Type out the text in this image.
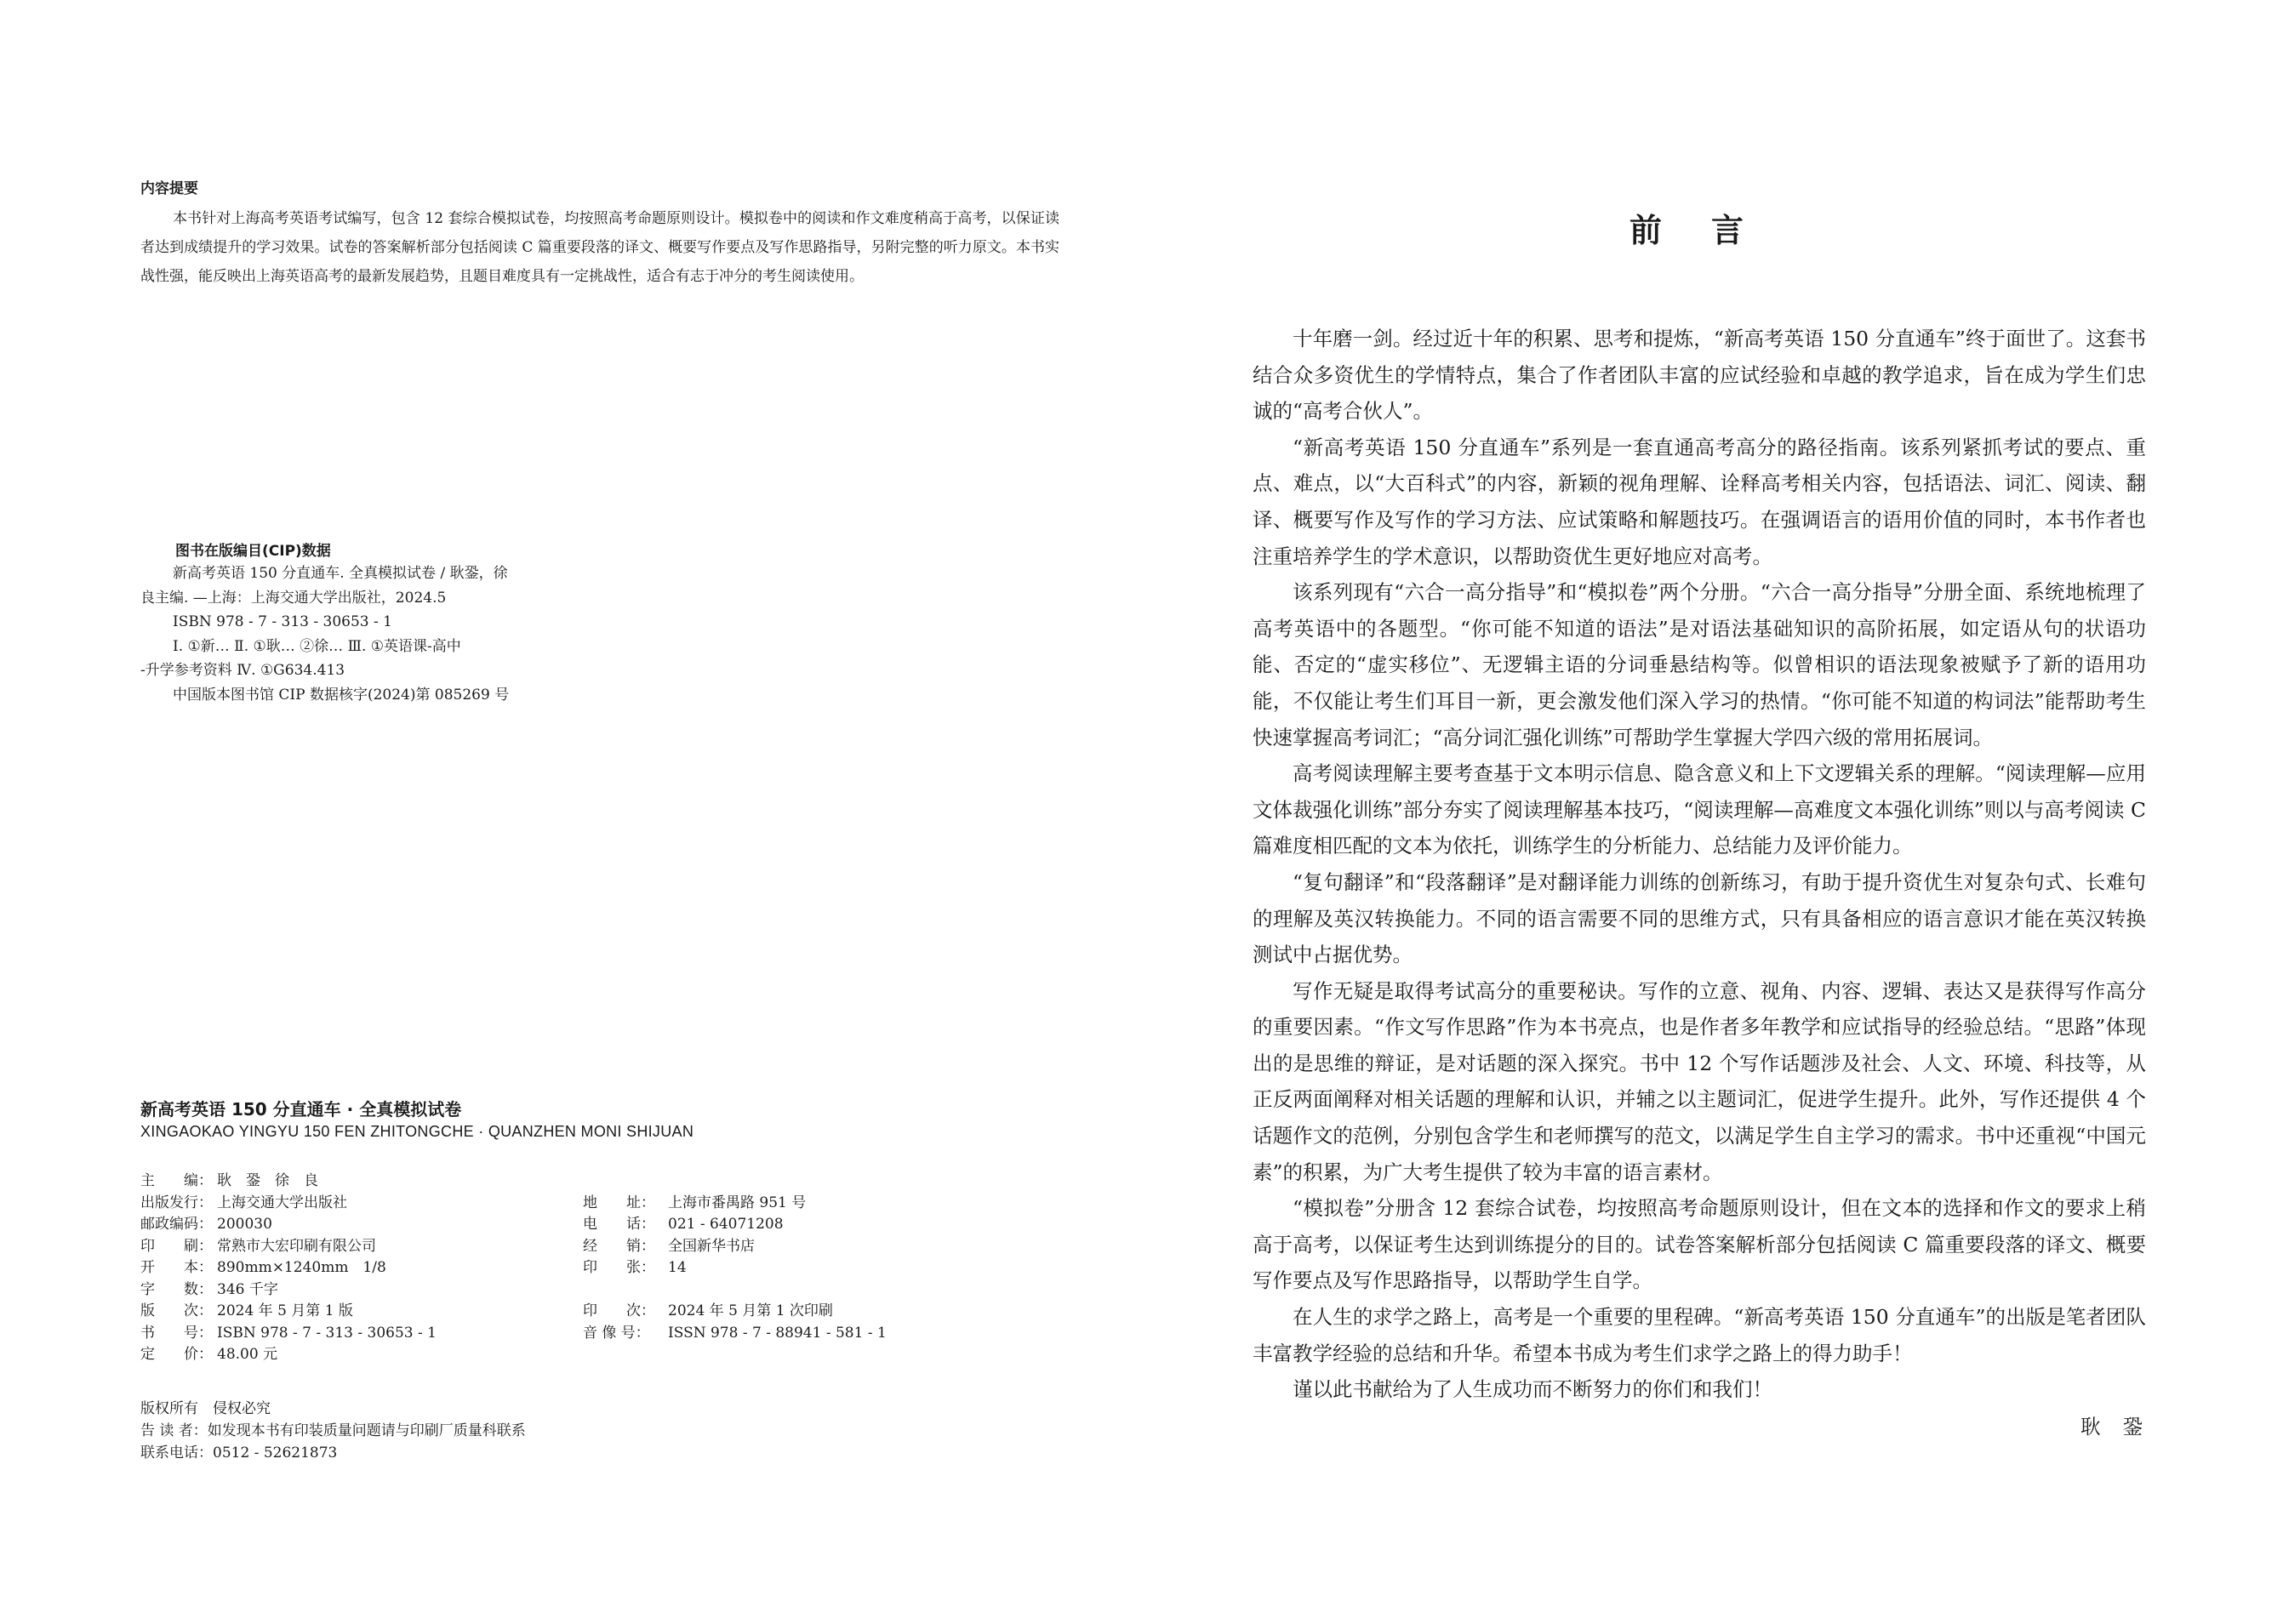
内容提要

本书针对上海高考英语考试编写，包含 12 套综合模拟试卷，均按照高考命题原则设计。模拟卷中的阅读和作文难度稍高于高考，以保证读者达到成绩提升的学习效果。试卷的答案解析部分包括阅读 C 篇重要段落的译文、概要写作要点及写作思路指导，另附完整的听力原文。本书实战性强，能反映出上海英语高考的最新发展趋势，且题目难度具有一定挑战性，适合有志于冲分的考生阅读使用。

图书在版编目(CIP)数据
新高考英语 150 分直通车. 全真模拟试卷 / 耿銎，徐
良主编. —上海：上海交通大学出版社，2024.5
ISBN 978 - 7 - 313 - 30653 - 1
Ⅰ. ①新… Ⅱ. ①耿… ②徐… Ⅲ. ①英语课-高中
-升学参考资料 Ⅳ. ①G634.413
中国版本图书馆 CIP 数据核字(2024)第 085269 号
新高考英语 150 分直通车 · 全真模拟试卷
XINGAOKAO YINGYU 150 FEN ZHITONGCHE · QUANZHEN MONI SHIJUAN
主　　编： 耿　銎　徐　良
出版发行： 上海交通大学出版社	地　　址： 上海市番禺路 951 号
邮政编码： 200030	电　　话： 021 - 64071208
印　　刷： 常熟市大宏印刷有限公司	经　　销： 全国新华书店
开　　本： 890mm×1240mm　1/8	印　　张： 14
字　　数： 346 千字
版　　次： 2024 年 5 月第 1 版	印　　次： 2024 年 5 月第 1 次印刷
书　　号： ISBN 978 - 7 - 313 - 30653 - 1	音 像 号：	ISSN 978 - 7 - 88941 - 581 - 1
定　　价： 48.00 元
版权所有　侵权必究
告 读 者：如发现本书有印装质量问题请与印刷厂质量科联系
联系电话：0512 - 52621873
前言

十年磨一剑。经过近十年的积累、思考和提炼，“新高考英语 150 分直通车”终于面世了。这套书结合众多资优生的学情特点，集合了作者团队丰富的应试经验和卓越的教学追求，旨在成为学生们忠诚的“高考合伙人”。

“新高考英语 150 分直通车”系列是一套直通高考高分的路径指南。该系列紧抓考试的要点、重点、难点，以“大百科式”的内容，新颖的视角理解、诠释高考相关内容，包括语法、词汇、阅读、翻译、概要写作及写作的学习方法、应试策略和解题技巧。在强调语言的语用价值的同时，本书作者也注重培养学生的学术意识，以帮助资优生更好地应对高考。

该系列现有“六合一高分指导”和“模拟卷”两个分册。“六合一高分指导”分册全面、系统地梳理了高考英语中的各题型。“你可能不知道的语法”是对语法基础知识的高阶拓展，如定语从句的状语功能、否定的“虚实移位”、无逻辑主语的分词垂悬结构等。似曾相识的语法现象被赋予了新的语用功能，不仅能让考生们耳目一新，更会激发他们深入学习的热情。“你可能不知道的构词法”能帮助考生快速掌握高考词汇；“高分词汇强化训练”可帮助学生掌握大学四六级的常用拓展词。

高考阅读理解主要考查基于文本明示信息、隐含意义和上下文逻辑关系的理解。“阅读理解—应用文体裁强化训练”部分夯实了阅读理解基本技巧，“阅读理解—高难度文本强化训练”则以与高考阅读 C 篇难度相匹配的文本为依托，训练学生的分析能力、总结能力及评价能力。

“复句翻译”和“段落翻译”是对翻译能力训练的创新练习，有助于提升资优生对复杂句式、长难句的理解及英汉转换能力。不同的语言需要不同的思维方式，只有具备相应的语言意识才能在英汉转换测试中占据优势。

写作无疑是取得考试高分的重要秘诀。写作的立意、视角、内容、逻辑、表达又是获得写作高分的重要因素。“作文写作思路”作为本书亮点，也是作者多年教学和应试指导的经验总结。“思路”体现出的是思维的辩证，是对话题的深入探究。书中 12 个写作话题涉及社会、人文、环境、科技等，从正反两面阐释对相关话题的理解和认识，并辅之以主题词汇，促进学生提升。此外，写作还提供 4 个话题作文的范例，分别包含学生和老师撰写的范文，以满足学生自主学习的需求。书中还重视“中国元素”的积累，为广大考生提供了较为丰富的语言素材。

“模拟卷”分册含 12 套综合试卷，均按照高考命题原则设计，但在文本的选择和作文的要求上稍高于高考，以保证考生达到训练提分的目的。试卷答案解析部分包括阅读 C 篇重要段落的译文、概要写作要点及写作思路指导，以帮助学生自学。

在人生的求学之路上，高考是一个重要的里程碑。“新高考英语 150 分直通车”的出版是笔者团队丰富教学经验的总结和升华。希望本书成为考生们求学之路上的得力助手！

谨以此书献给为了人生成功而不断努力的你们和我们！

耿銎
